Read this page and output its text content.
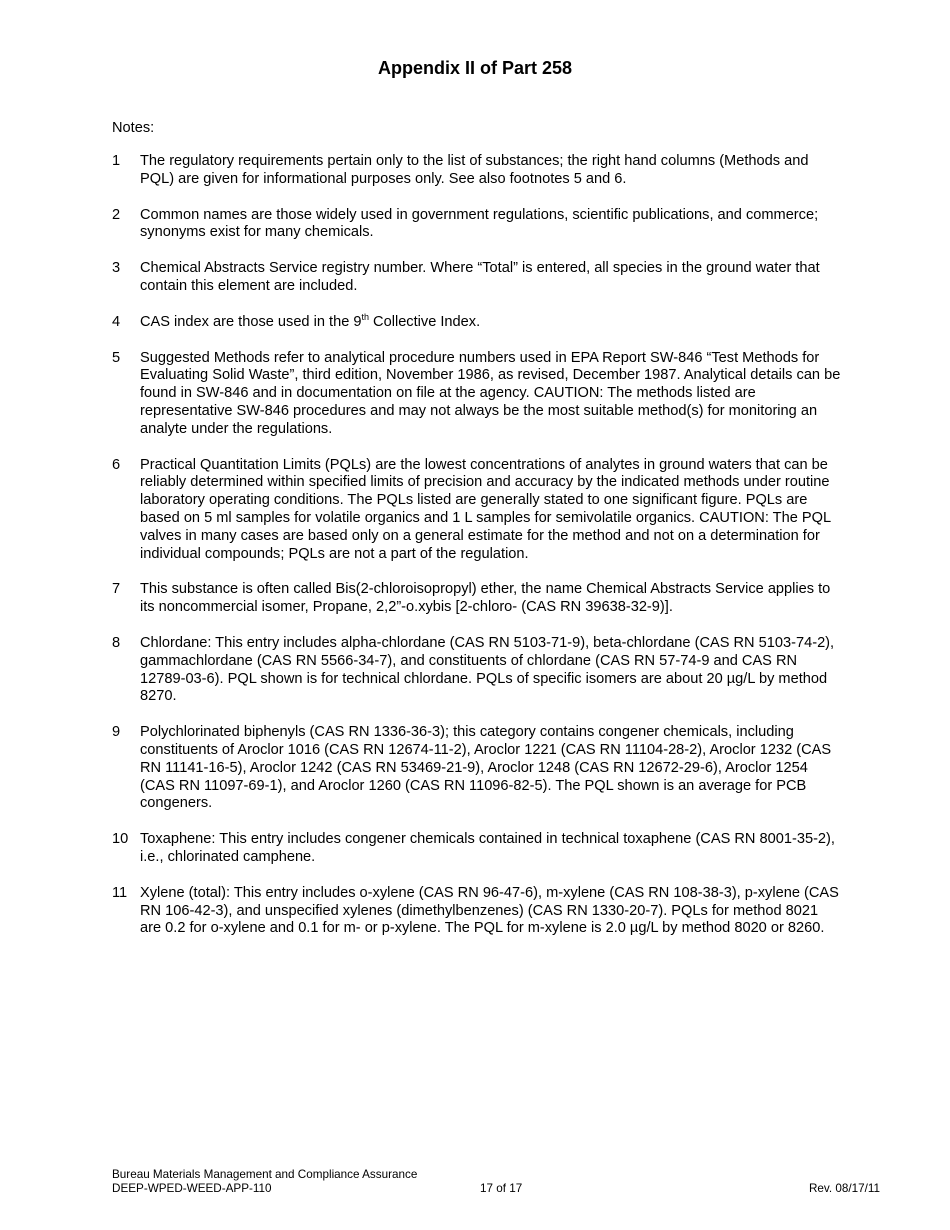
Appendix II of Part 258
Notes:
1 The regulatory requirements pertain only to the list of substances; the right hand columns (Methods and PQL) are given for informational purposes only. See also footnotes 5 and 6.
2 Common names are those widely used in government regulations, scientific publications, and commerce; synonyms exist for many chemicals.
3 Chemical Abstracts Service registry number. Where “Total” is entered, all species in the ground water that contain this element are included.
4 CAS index are those used in the 9th Collective Index.
5 Suggested Methods refer to analytical procedure numbers used in EPA Report SW-846 “Test Methods for Evaluating Solid Waste”, third edition, November 1986, as revised, December 1987. Analytical details can be found in SW-846 and in documentation on file at the agency. CAUTION: The methods listed are representative SW-846 procedures and may not always be the most suitable method(s) for monitoring an analyte under the regulations.
6 Practical Quantitation Limits (PQLs) are the lowest concentrations of analytes in ground waters that can be reliably determined within specified limits of precision and accuracy by the indicated methods under routine laboratory operating conditions. The PQLs listed are generally stated to one significant figure. PQLs are based on 5 ml samples for volatile organics and 1 L samples for semivolatile organics. CAUTION: The PQL valves in many cases are based only on a general estimate for the method and not on a determination for individual compounds; PQLs are not a part of the regulation.
7 This substance is often called Bis(2-chloroisopropyl) ether, the name Chemical Abstracts Service applies to its noncommercial isomer, Propane, 2,2”-o.xybis [2-chloro- (CAS RN 39638-32-9)].
8 Chlordane: This entry includes alpha-chlordane (CAS RN 5103-71-9), beta-chlordane (CAS RN 5103-74-2), gammachlordane (CAS RN 5566-34-7), and constituents of chlordane (CAS RN 57-74-9 and CAS RN 12789-03-6). PQL shown is for technical chlordane. PQLs of specific isomers are about 20 µg/L by method 8270.
9 Polychlorinated biphenyls (CAS RN 1336-36-3); this category contains congener chemicals, including constituents of Aroclor 1016 (CAS RN 12674-11-2), Aroclor 1221 (CAS RN 11104-28-2), Aroclor 1232 (CAS RN 11141-16-5), Aroclor 1242 (CAS RN 53469-21-9), Aroclor 1248 (CAS RN 12672-29-6), Aroclor 1254 (CAS RN 11097-69-1), and Aroclor 1260 (CAS RN 11096-82-5). The PQL shown is an average for PCB congeners.
10 Toxaphene: This entry includes congener chemicals contained in technical toxaphene (CAS RN 8001-35-2), i.e., chlorinated camphene.
11 Xylene (total): This entry includes o-xylene (CAS RN 96-47-6), m-xylene (CAS RN 108-38-3), p-xylene (CAS RN 106-42-3), and unspecified xylenes (dimethylbenzenes) (CAS RN 1330-20-7). PQLs for method 8021 are 0.2 for o-xylene and 0.1 for m- or p-xylene. The PQL for m-xylene is 2.0 µg/L by method 8020 or 8260.
Bureau Materials Management and Compliance Assurance
DEEP-WPED-WEED-APP-110	17 of 17	Rev. 08/17/11
